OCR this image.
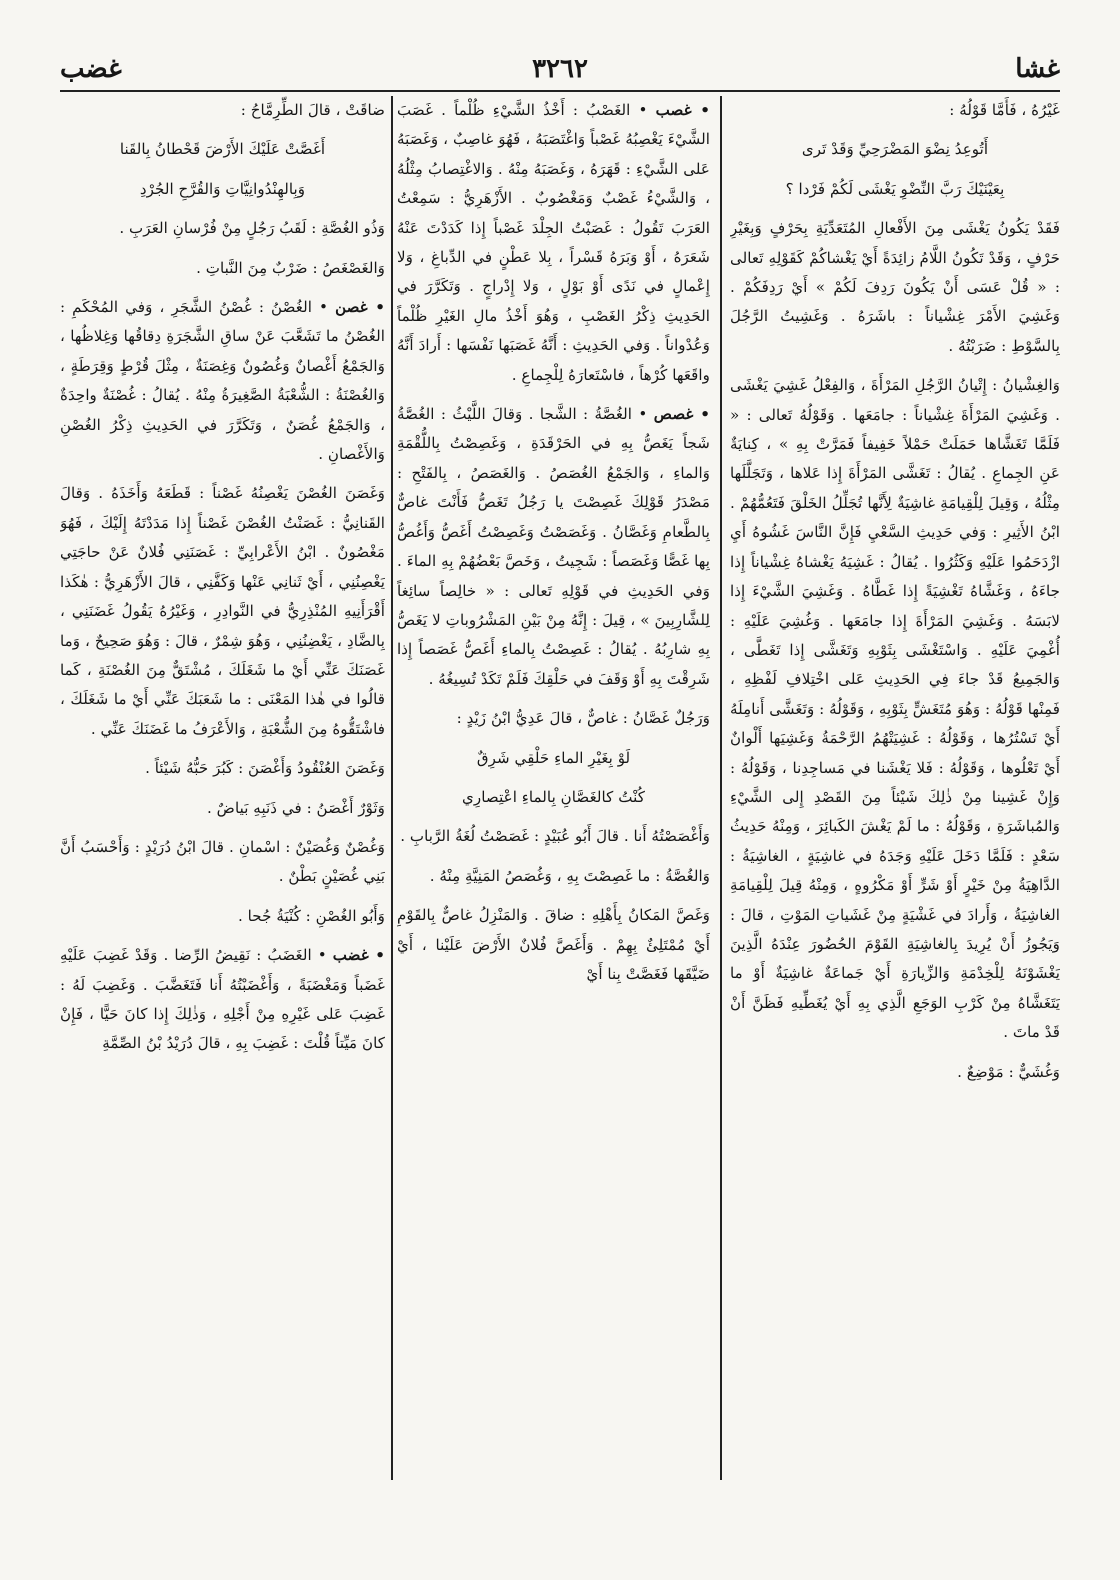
غشا
٣٢٦٢
غضب

غَيْرُهُ ، فَأَمَّا قَوْلُهُ :

أَتُوعِدُ نِضْوَ المَضْرَحِيِّ وَقَدْ تَرى

بِعَيْنَيْكَ رَبَّ النِّضْوِ يَغْشَى لَكُمْ فَرْدا ؟

فَقَدْ يَكُونُ يَغْشَى مِنَ الأَفْعالِ المُتَعَدِّيَةِ بِحَرْفٍ وَبِغَيْرِ حَرْفٍ ، وَقَدْ تَكُونُ اللَّامُ زائِدَةً أَيْ يَغْشاكُمْ كَقَوْلِهِ تَعالى : « قُلْ عَسَى أَنْ يَكُونَ رَدِفَ لَكُمْ » أَيْ رَدِفَكُمْ . وَغَشِيَ الأَمْرَ غِشْياناً : باشَرَهُ . وَغَشِيتُ الرَّجُلَ بِالسَّوْطِ : ضَرَبْتُهُ .

وَالغِشْيانُ : إِتْيانُ الرَّجُلِ المَرْأَةَ ، وَالفِعْلُ غَشِيَ يَغْشَى . وَغَشِيَ المَرْأَةَ غِشْياناً : جامَعَها . وَقَوْلُهُ تَعالى : « فَلَمَّا تَغَشَّاها حَمَلَتْ حَمْلاً خَفِيفاً فَمَرَّتْ بِهِ » ، كِنايَةٌ عَنِ الجِماعِ . يُقالُ : تَغَشَّى المَرْأَةَ إِذا عَلاها ، وَتَجَلَّلَها مِثْلُهُ ، وَقِيلَ لِلْقِيامَةِ غاشِيَةٌ لِأَنَّها تُجَلِّلُ الخَلْقَ فَتَعُمُّهُمْ . ابْنُ الأَثِيرِ : وَفي حَدِيثِ السَّعْيِ فَإِنَّ النَّاسَ غَشُوهُ أَيِ ازْدَحَمُوا عَلَيْهِ وَكَثُرُوا . يُقالُ : غَشِيَهُ يَغْشاهُ غِشْياناً إِذا جاءَهُ ، وَغَشَّاهُ تَغْشِيَةً إِذا غَطَّاهُ . وَغَشِيَ الشَّيْءَ إِذا لابَسَهُ . وَغَشِيَ المَرْأَةَ إِذا جامَعَها . وَغُشِيَ عَلَيْهِ : أُغْمِيَ عَلَيْهِ . وَاسْتَغْشَى بِثَوْبِهِ وَتَغَشَّى إِذا تَغَطَّى ، وَالجَمِيعُ قَدْ جاءَ فِي الحَدِيثِ عَلى اخْتِلافِ لَفْظِهِ ، فَمِنْها قَوْلُهُ : وَهُوَ مُتَغَشٍّ بِثَوْبِهِ ، وَقَوْلُهُ : وَتَغَشَّى أَنامِلَهُ أَيْ تَسْتُرُها ، وَقَوْلُهُ : غَشِيَتْهُمُ الرَّحْمَةُ وَغَشِيَها أَلْوانٌ أَيْ تَعْلُوها ، وَقَوْلُهُ : فَلا يَغْشَنا في مَساجِدِنا ، وَقَوْلُهُ : وَإِنْ غَشِينا مِنْ ذٰلِكَ شَيْئاً مِنَ القَصْدِ إِلى الشَّيْءِ وَالمُباشَرَةِ ، وَقَوْلُهُ : ما لَمْ يَغْشَ الكَبائِرَ ، وَمِنْهُ حَدِيثُ سَعْدٍ : فَلَمَّا دَخَلَ عَلَيْهِ وَجَدَهُ في غاشِيَةٍ ، الغاشِيَةُ : الدَّاهِيَةُ مِنْ خَيْرٍ أَوْ شَرٍّ أَوْ مَكْرُوهٍ ، وَمِنْهُ قِيلَ لِلْقِيامَةِ الغاشِيَةُ ، وَأَرادَ في غَشْيَةٍ مِنْ غَشَياتِ المَوْتِ ، قالَ : وَيَجُوزُ أَنْ يُرِيدَ بِالغاشِيَةِ القَوْمَ الحُضُورَ عِنْدَهُ الَّذِينَ يَغْشَوْنَهُ لِلْخِدْمَةِ وَالزِّيارَةِ أَيْ جَماعَةٌ غاشِيَةٌ أَوْ ما يَتَغَشَّاهُ مِنْ كَرْبِ الوَجَعِ الَّذِي بِهِ أَيْ يُغَطِّيهِ فَظَنَّ أَنْ قَدْ ماتَ .

وَغُشَيٌّ : مَوْضِعٌ .

• غصب • الغَصْبُ : أَخْذُ الشَّيْءِ ظُلْماً . غَصَبَ الشَّيْءَ يَغْصِبُهُ غَصْباً وَاغْتَصَبَهُ ، فَهُوَ غاصِبٌ ، وَغَصَبَهُ عَلى الشَّيْءِ : قَهَرَهُ ، وَغَصَبَهُ مِنْهُ . وَالاغْتِصابُ مِثْلُهُ ، وَالشَّيْءُ غَصْبٌ وَمَغْصُوبٌ . الأَزْهَرِيُّ : سَمِعْتُ العَرَبَ تَقُولُ : غَصَبْتُ الجِلْدَ غَصْباً إِذا كَدَدْتَ عَنْهُ شَعَرَهُ ، أَوْ وَبَرَهُ قَسْراً ، بِلا عَطْنٍ في الدِّباغِ ، وَلا إِعْمالٍ في نَدًى أَوْ بَوْلٍ ، وَلا إِدْراجٍ . وَتَكَرَّرَ في الحَدِيثِ ذِكْرُ الغَصْبِ ، وَهُوَ أَخْذُ مالِ الغَيْرِ ظُلْماً وَعُدْواناً . وَفي الحَدِيثِ : أَنَّهُ غَصَبَها نَفْسَها : أَرادَ أَنَّهُ واقَعَها كُرْهاً ، فاسْتَعارَهُ لِلْجِماعِ .

• غصص • الغُصَّةُ : الشَّجا . وَقالَ اللَّيْثُ : الغُصَّةُ شَجاً يَغَصُّ بِهِ في الحَرْقَدَةِ ، وَغَصِصْتُ بِاللُّقْمَةِ وَالماءِ ، وَالجَمْعُ الغُصَصُ . وَالغَصَصُ ، بِالفَتْحِ : مَصْدَرُ قَوْلِكَ غَصِصْتَ يا رَجُلُ تَغَصُّ فَأَنْتَ غاصٌّ بِالطَّعامِ وَغَصَّانُ . وَغَصَصْتُ وَغَصِصْتُ أَغَصُّ وَأَغُصُّ بِها غَصًّا وَغَصَصاً : شَجِيتُ ، وَخَصَّ بَعْضُهُمْ بِهِ الماءَ . وَفي الحَدِيثِ في قَوْلِهِ تَعالى : « خالِصاً سائِغاً لِلشَّارِبِينَ » ، قِيلَ : إِنَّهُ مِنْ بَيْنِ المَشْرُوباتِ لا يَغَصُّ بِهِ شارِبُهُ . يُقالُ : غَصِصْتُ بِالماءِ أَغَصُّ غَصَصاً إِذا شَرِقْتَ بِهِ أَوْ وَقَفَ في حَلْقِكَ فَلَمْ تَكَدْ تُسِيغُهُ .

وَرَجُلٌ غَصَّانُ : غاصٌّ ، قالَ عَدِيُّ ابْنُ زَيْدٍ :

لَوْ بِغَيْرِ الماءِ حَلْقِي شَرِقٌ

كُنْتُ كالغَصَّانِ بِالماءِ اعْتِصارِي

وَأَغْصَصْتُهُ أَنا . قالَ أَبُو عُبَيْدٍ : غَصَصْتُ لُغَةُ الرَّبابِ .

وَالغُصَّةُ : ما غَصِصْتَ بِهِ ، وَغُصَصُ المَنِيَّةِ مِنْهُ .

وَغَصَّ المَكانُ بِأَهْلِهِ : ضاقَ . وَالمَنْزِلُ غاصٌّ بِالقَوْمِ أَيْ مُمْتَلِئٌ بِهِمْ . وَأَغَصَّ فُلانٌ الأَرْضَ عَلَيْنا ، أَيْ ضَيَّقَها فَغَصَّتْ بِنا أَيْ

ضاقَتْ ، قالَ الطِّرِمَّاحُ :

أَغَصَّتْ عَلَيْكَ الأَرْضَ قَحْطانُ بِالقَنا

وَبِالهِنْدُوانِيَّاتِ وَالقُرَّحِ الجُرْدِ

وَذُو الغُصَّةِ : لَقَبُ رَجُلٍ مِنْ فُرْسانِ العَرَبِ .

وَالغَصْغَصُ : ضَرْبٌ مِنَ النَّباتِ .

• غصن • الغُصْنُ : غُصْنُ الشَّجَرِ ، وَفي المُحْكَمِ : الغُصْنُ ما تَشَعَّبَ عَنْ ساقِ الشَّجَرَةِ دِقاقُها وَغِلاظُها ، وَالجَمْعُ أَغْصانٌ وَغُصُونٌ وَغِصَنَةٌ ، مِثْلَ قُرْطٍ وَقِرَطَةٍ ، وَالغُصْنَةُ : الشُّعْبَةُ الصَّغِيرَةُ مِنْهُ . يُقالُ : غُصْنَةٌ واحِدَةٌ ، وَالجَمْعُ غُصَنٌ ، وَتَكَرَّرَ في الحَدِيثِ ذِكْرُ الغُصْنِ وَالأَغْصانِ .

وَغَصَنَ الغُصْنَ يَغْصِنُهُ غَصْناً : قَطَعَهُ وَأَخَذَهُ . وَقالَ القَنانِيُّ : غَصَنْتُ الغُصْنَ غَصْناً إِذا مَدَدْتَهُ إِلَيْكَ ، فَهُوَ مَغْصُونٌ . ابْنُ الأَعْرابِيِّ : غَصَنَنِي فُلانٌ عَنْ حاجَتِي يَغْصِنُنِي ، أَيْ ثَنانِي عَنْها وَكَفَّنِي ، قالَ الأَزْهَرِيُّ : هٰكَذا أَقْرَأَنِيهِ المُنْذِرِيُّ في النَّوادِرِ ، وَغَيْرُهُ يَقُولُ غَضَنَنِي ، بِالضَّادِ ، يَغْضِنُنِي ، وَهُوَ شِمْرٌ ، قالَ : وَهُوَ صَحِيحٌ ، وَما غَصَنَكَ عَنِّي أَيْ ما شَغَلَكَ ، مُشْتَقٌّ مِنَ الغُصْنَةِ ، كَما قالُوا في هٰذا المَعْنَى : ما شَعَبَكَ عَنِّي أَيْ ما شَغَلَكَ ، فاشْتَقُّوهُ مِنَ الشُّعْبَةِ ، وَالأَعْرَفُ ما غَضَنَكَ عَنِّي .

وَغَصَنَ العُنْقُودُ وَأَغْصَنَ : كَبُرَ حَبُّهُ شَيْئاً .

وَثَوْرٌ أَغْصَنُ : في ذَنَبِهِ بَياضٌ .

وَغُصْنٌ وَغُصَيْنٌ : اسْمانِ . قالَ ابْنُ دُرَيْدٍ : وَأَحْسَبُ أَنَّ بَنِي غُصَيْنٍ بَطْنٌ .

وَأَبُو الغُصْنِ : كُنْيَةُ جُحا .

• غضب • الغَضَبُ : نَقِيضُ الرِّضا . وَقَدْ غَضِبَ عَلَيْهِ غَضَباً وَمَغْضَبَةً ، وَأَغْضَبْتُهُ أَنا فَتَغَضَّبَ . وَغَضِبَ لَهُ : غَضِبَ عَلى غَيْرِهِ مِنْ أَجْلِهِ ، وَذٰلِكَ إِذا كانَ حَيًّا ، فَإِنْ كانَ مَيِّتاً قُلْتَ : غَضِبَ بِهِ ، قالَ دُرَيْدُ بْنُ الصِّمَّةِ
